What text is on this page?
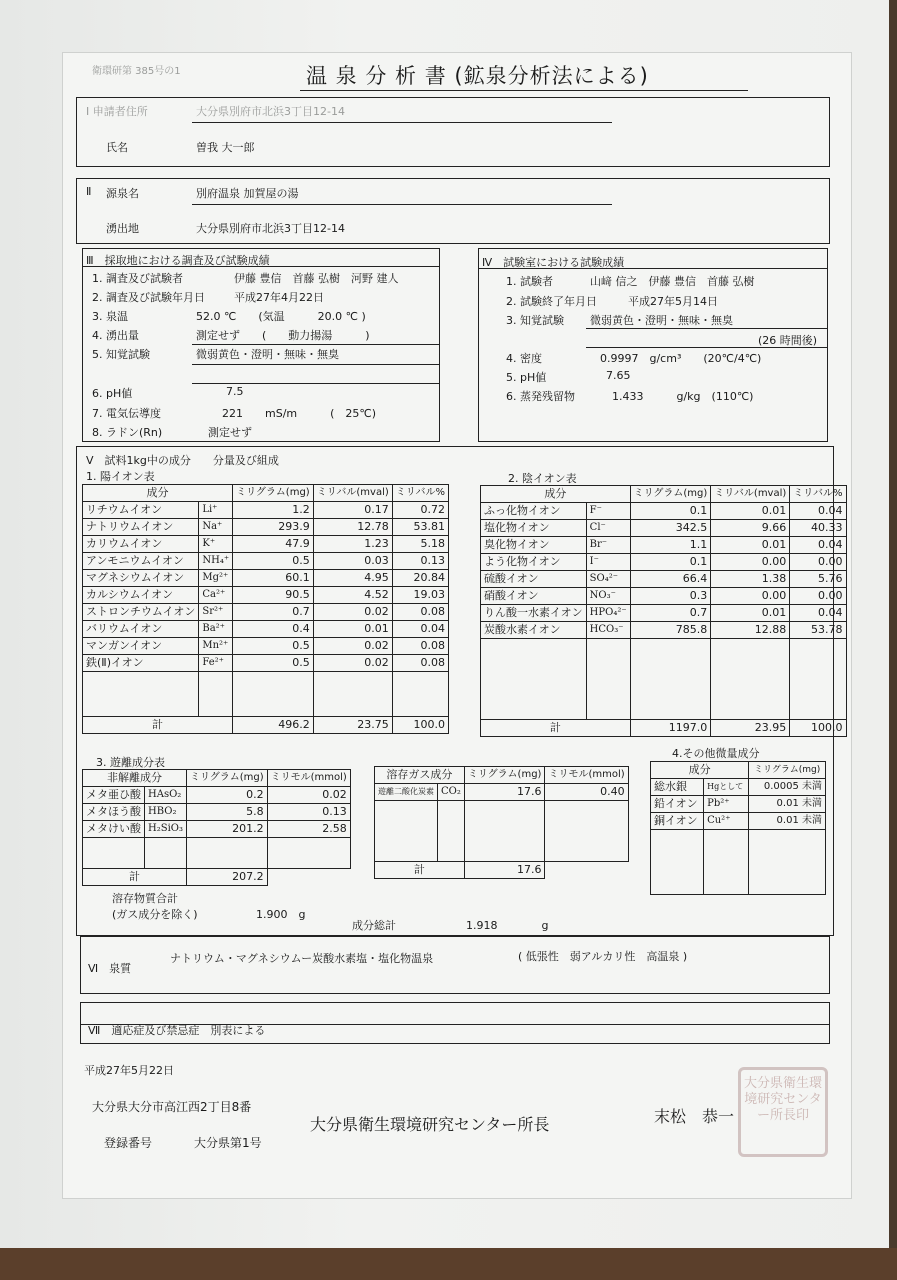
衛環研第 385号の1	温 泉 分 析 書 (鉱泉分析法による)
Ⅰ 申請者住所	大分県別府市北浜3丁目12-14
氏名	曽我 大一郎
Ⅱ 源泉名	別府温泉 加賀屋の湯
湧出地	大分県別府市北浜3丁目12-14
Ⅲ　採取地における調査及び試験成績
1. 調査及び試験者	伊藤 豊信　首藤 弘樹　河野 建人
2. 調査及び試験年月日	平成27年4月22日
3. 泉温	52.0 ℃　　(気温　　　20.0 ℃ )
4. 湧出量	測定せず　　(　　動力揚湯　　　)
5. 知覚試験	微弱黄色・澄明・無味・無臭
6. pH値	7.5
7. 電気伝導度	221　　mS/m　　　(　25℃)
8. ラドン(Rn)	測定せず
Ⅳ　試験室における試験成績
1. 試験者	山﨑 信之　伊藤 豊信　首藤 弘樹
2. 試験終了年月日	平成27年5月14日
3. 知覚試験 微弱黄色・澄明・無味・無臭
(26 時間後)
4. 密度	0.9997　g/cm³　　(20℃/4℃)
5. pH値	7.65
6. 蒸発残留物	1.433　　　g/kg　(110℃)
Ⅴ　試料1kg中の成分　　分量及び組成
1. 陽イオン表
成分		ミリグラム(mg)	ミリバル(mval)	ミリバル%
リチウムイオン	Li⁺	1.2	0.17	0.72
ナトリウムイオン	Na⁺	293.9	12.78	53.81
カリウムイオン	K⁺	47.9	1.23	5.18
アンモニウムイオン	NH₄⁺	0.5	0.03	0.13
マグネシウムイオン	Mg²⁺	60.1	4.95	20.84
カルシウムイオン	Ca²⁺	90.5	4.52	19.03
ストロンチウムイオン	Sr²⁺	0.7	0.02	0.08
バリウムイオン	Ba²⁺	0.4	0.01	0.04
マンガンイオン	Mn²⁺	0.5	0.02	0.08
鉄(Ⅱ)イオン	Fe²⁺	0.5	0.02	0.08

計		496.2	23.75	100.0
2. 陰イオン表
成分		ミリグラム(mg)	ミリバル(mval)	ミリバル%
ふっ化物イオン	F⁻	0.1	0.01	0.04
塩化物イオン	Cl⁻	342.5	9.66	40.33
臭化物イオン	Br⁻	1.1	0.01	0.04
よう化物イオン	I⁻	0.1	0.00	0.00
硫酸イオン	SO₄²⁻	66.4	1.38	5.76
硝酸イオン	NO₃⁻	0.3	0.00	0.00
りん酸一水素イオン	HPO₄²⁻	0.7	0.01	0.04
炭酸水素イオン	HCO₃⁻	785.8	12.88	53.78

計		1197.0	23.95	100.0
3. 遊離成分表
非解離成分		ミリグラム(mg)	ミリモル(mmol)
メタ亜ひ酸	HAsO₂	0.2	0.02
メタほう酸	HBO₂	5.8	0.13
メタけい酸	H₂SiO₃	201.2	2.58

計		207.2	
溶存ガス成分		ミリグラム(mg)	ミリモル(mmol)
遊離二酸化炭素	CO₂	17.6	0.40

計		17.6	
4.その他微量成分
成分		ミリグラム(mg)
総水銀	Hgとして	0.0005 未満
鉛イオン	Pb²⁺	0.01 未満
銅イオン	Cu²⁺	0.01 未満

溶存物質合計
(ガス成分を除く)	1.900　g
成分総計	1.918　　　　g
Ⅵ　泉質
ナトリウム・マグネシウムー炭酸水素塩・塩化物温泉	( 低張性　弱アルカリ性　高温泉 )
Ⅶ　適応症及び禁忌症　別表による
平成27年5月22日
大分県大分市高江西2丁目8番
登録番号	大分県第1号
大分県衛生環境研究センター所長	末松　恭一
大分県衛生環境研究センター所長印
